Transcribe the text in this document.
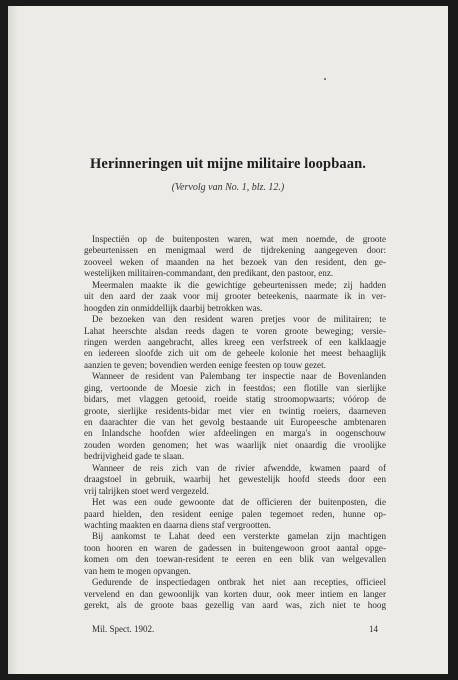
Herinneringen uit mijne militaire loopbaan.

(Vervolg van No. 1, blz. 12.)

Inspectiën op de buitenposten waren, wat men noemde, de groote
gebeurtenissen en menigmaal werd de tijdrekening aangegeven door:
zooveel weken of maanden na het bezoek van den resident, den ge-
westelijken militairen-commandant, den predikant, den pastoor, enz.
Meermalen maakte ik die gewichtige gebeurtenissen mede; zij hadden
uit den aard der zaak voor mij grooter beteekenis, naarmate ik in ver-
hoogden zin onmiddellijk daarbij betrokken was.
De bezoeken van den resident waren pretjes voor de militairen; te
Lahat heerschte alsdan reeds dagen te voren groote beweging; versie-
ringen werden aangebracht, alles kreeg een verfstreek of een kalklaagje
en iedereen sloofde zich uit om de geheele kolonie het meest behaaglijk
aanzien te geven; bovendien werden eenige feesten op touw gezet.
Wanneer de resident van Palembang ter inspectie naar de Bovenlanden
ging, vertoonde de Moesie zich in feestdos; een flotille van sierlijke
bidars, met vlaggen getooid, roeide statig stroomopwaarts; vóórop de
groote, sierlijke residents-bidar met vier en twintig roeiers, daarneven
en daarachter die van het gevolg bestaande uit Europeesche ambtenaren
en Inlandsche hoofden wier afdeelingen en marga's in oogenschouw
zouden worden genomen; het was waarlijk niet onaardig die vroolijke
bedrijvigheid gade te slaan.
Wanneer de reis zich van de rivier afwendde, kwamen paard of
draagstoel in gebruik, waarbij het gewestelijk hoofd steeds door een
vrij talrijken stoet werd vergezeld.
Het was een oude gewoonte dat de officieren der buitenposten, die
paard hielden, den resident eenige palen tegemoet reden, hunne op-
wachting maakten en daarna diens staf vergrootten.
Bij aankomst te Lahat deed een versterkte gamelan zijn machtigen
toon hooren en waren de gadessen in buitengewoon groot aantal opge-
komen om den toewan-resident te eeren en een blik van welgevallen
van hem te mogen opvangen.
Gedurende de inspectiedagen ontbrak het niet aan recepties, officieel
vervelend en dan gewoonlijk van korten duur, ook meer intiem en langer
gerekt, als de groote baas gezellig van aard was, zich niet te hoog
Mil. Spect. 1902.	14
